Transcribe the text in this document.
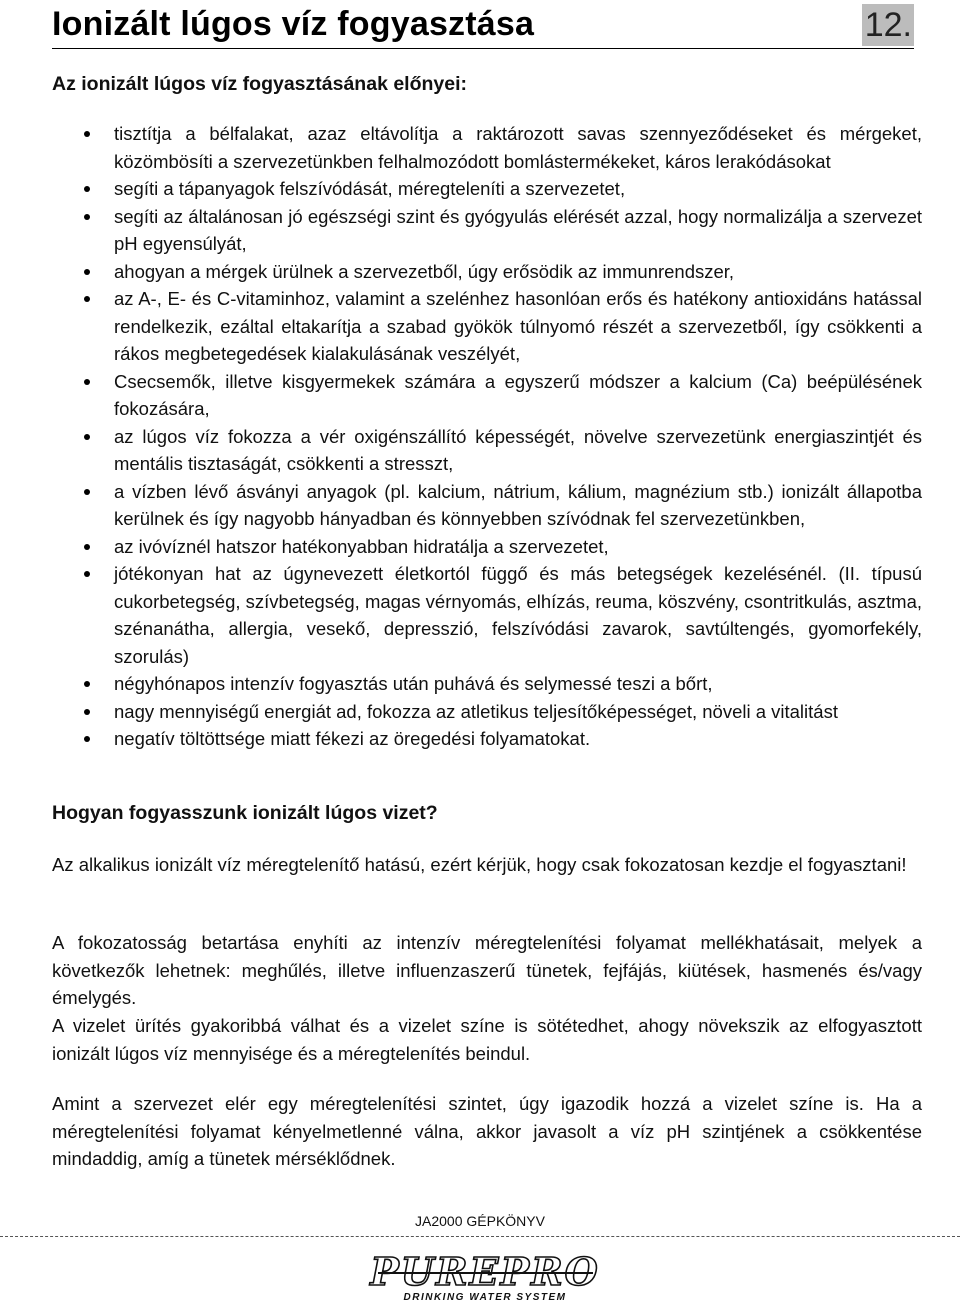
Ionizált lúgos víz fogyasztása	12.
Az ionizált lúgos víz fogyasztásának előnyei:
tisztítja a bélfalakat, azaz eltávolítja a raktározott savas szennyeződéseket és mérgeket, közömbösíti a szervezetünkben felhalmozódott bomlástermékeket, káros lerakódásokat
segíti a tápanyagok felszívódását, méregteleníti a szervezetet,
segíti az általánosan jó egészségi szint és gyógyulás elérését azzal, hogy normalizálja a szervezet pH egyensúlyát,
ahogyan a mérgek ürülnek a szervezetből, úgy erősödik az immunrendszer,
az A-, E- és C-vitaminhoz, valamint a szelénhez hasonlóan erős és hatékony antioxidáns hatással rendelkezik, ezáltal eltakarítja a szabad gyökök túlnyomó részét a szervezetből, így csökkenti a rákos megbetegedések kialakulásának veszélyét,
Csecsemők, illetve kisgyermekek számára a egyszerű módszer a kalcium (Ca) beépülésének fokozására,
az lúgos víz fokozza a vér oxigénszállító képességét, növelve szervezetünk energiaszintjét és mentális tisztaságát, csökkenti a stresszt,
a vízben lévő ásványi anyagok (pl. kalcium, nátrium, kálium, magnézium stb.) ionizált állapotba kerülnek és így nagyobb hányadban és könnyebben szívódnak fel szervezetünkben,
az ivóvíznél hatszor hatékonyabban hidratálja a szervezetet,
jótékonyan hat az úgynevezett életkortól függő és más betegségek kezelésénél. (II. típusú cukorbetegség, szívbetegség, magas vérnyomás, elhízás, reuma, köszvény, csontritkulás, asztma, szénanátha, allergia, vesekő, depresszió, felszívódási zavarok, savtúltengés, gyomorfekély, szorulás)
négyhónapos intenzív fogyasztás után puhává és selymessé teszi a bőrt,
nagy mennyiségű energiát ad, fokozza az atletikus teljesítőképességet, növeli a vitalitást
negatív töltöttsége miatt fékezi az öregedési folyamatokat.
Hogyan fogyasszunk ionizált lúgos vizet?

Az alkalikus ionizált víz méregtelenítő hatású, ezért kérjük, hogy csak fokozatosan kezdje el fogyasztani!

A fokozatosság betartása enyhíti az intenzív méregtelenítési folyamat mellékhatásait, melyek a következők lehetnek: meghűlés, illetve influenzaszerű tünetek, fejfájás, kiütések, hasmenés és/vagy émelygés.

A vizelet ürítés gyakoribbá válhat és a vizelet színe is sötétedhet, ahogy növekszik az elfogyasztott ionizált lúgos víz mennyisége és a méregtelenítés beindul.

Amint a szervezet elér egy méregtelenítési szintet, úgy igazodik hozzá a vizelet színe is. Ha a méregtelenítési folyamat kényelmetlenné válna, akkor javasolt a víz pH szintjének a csökkentése mindaddig, amíg a tünetek mérséklődnek.

JA2000 GÉPKÖNYV
PUREPRO
DRINKING WATER SYSTEM
